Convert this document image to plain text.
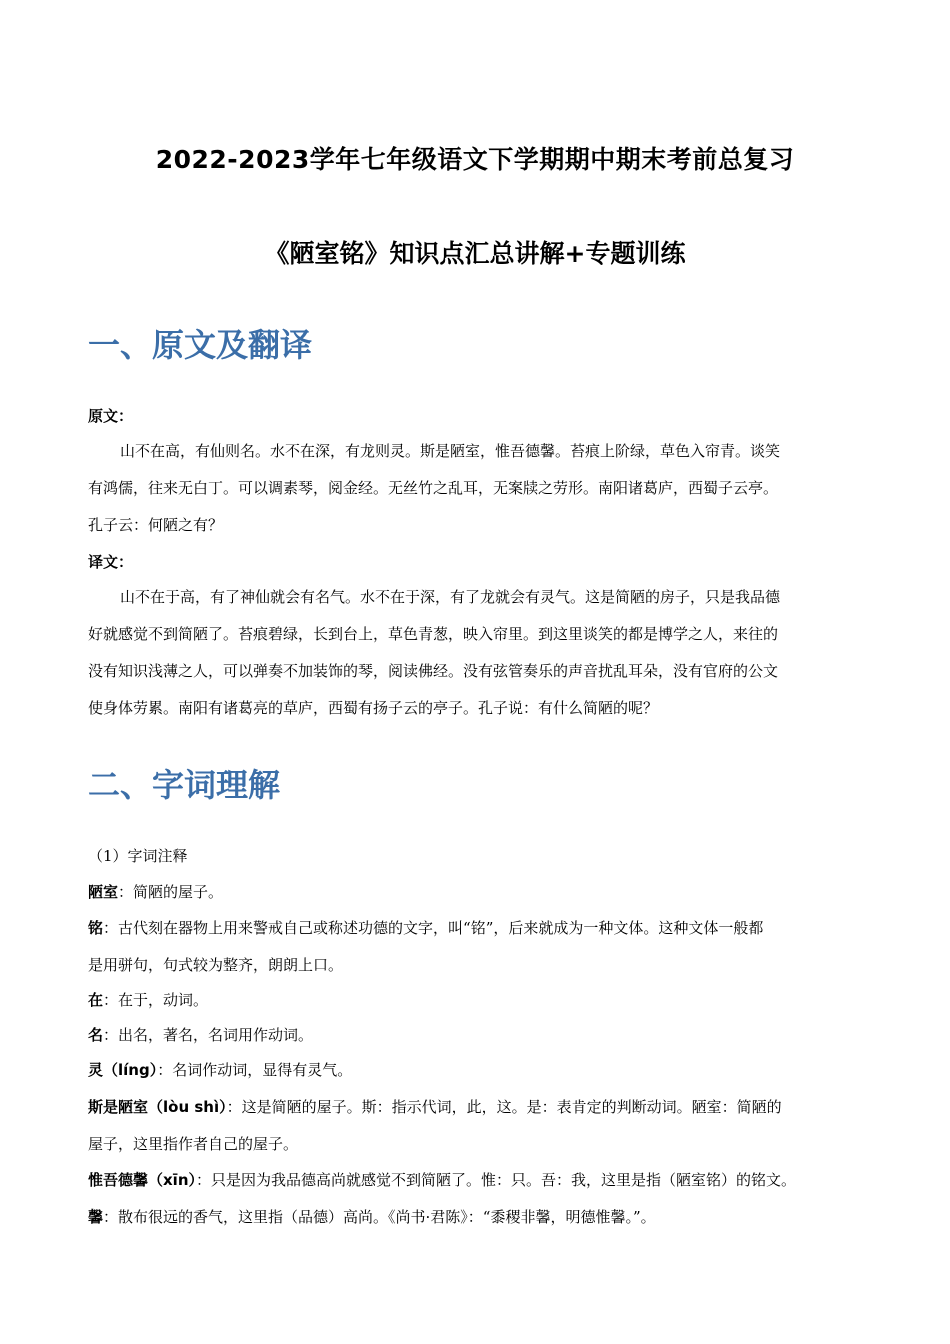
2022-2023学年七年级语文下学期期中期末考前总复习
《陋室铭》知识点汇总讲解+专题训练
一、原文及翻译
原文：
山不在高，有仙则名。水不在深，有龙则灵。斯是陋室，惟吾德馨。苔痕上阶绿，草色入帘青。谈笑
有鸿儒，往来无白丁。可以调素琴，阅金经。无丝竹之乱耳，无案牍之劳形。南阳诸葛庐，西蜀子云亭。
孔子云：何陋之有？
译文：
山不在于高，有了神仙就会有名气。水不在于深，有了龙就会有灵气。这是简陋的房子，只是我品德
好就感觉不到简陋了。苔痕碧绿，长到台上，草色青葱，映入帘里。到这里谈笑的都是博学之人，来往的
没有知识浅薄之人，可以弹奏不加装饰的琴，阅读佛经。没有弦管奏乐的声音扰乱耳朵，没有官府的公文
使身体劳累。南阳有诸葛亮的草庐，西蜀有扬子云的亭子。孔子说：有什么简陋的呢？
二、字词理解
（1）字词注释
陋室：简陋的屋子。
铭：古代刻在器物上用来警戒自己或称述功德的文字，叫“铭”，后来就成为一种文体。这种文体一般都
是用骈句，句式较为整齐，朗朗上口。
在：在于，动词。
名：出名，著名，名词用作动词。
灵（líng）：名词作动词，显得有灵气。
斯是陋室（lòu shì）：这是简陋的屋子。斯：指示代词，此，这。是：表肯定的判断动词。陋室：简陋的
屋子，这里指作者自己的屋子。
惟吾德馨（xīn）：只是因为我品德高尚就感觉不到简陋了。惟：只。吾：我，这里是指（陋室铭）的铭文。
馨：散布很远的香气，这里指（品德）高尚。《尚书·君陈》：“黍稷非馨，明德惟馨。”。
